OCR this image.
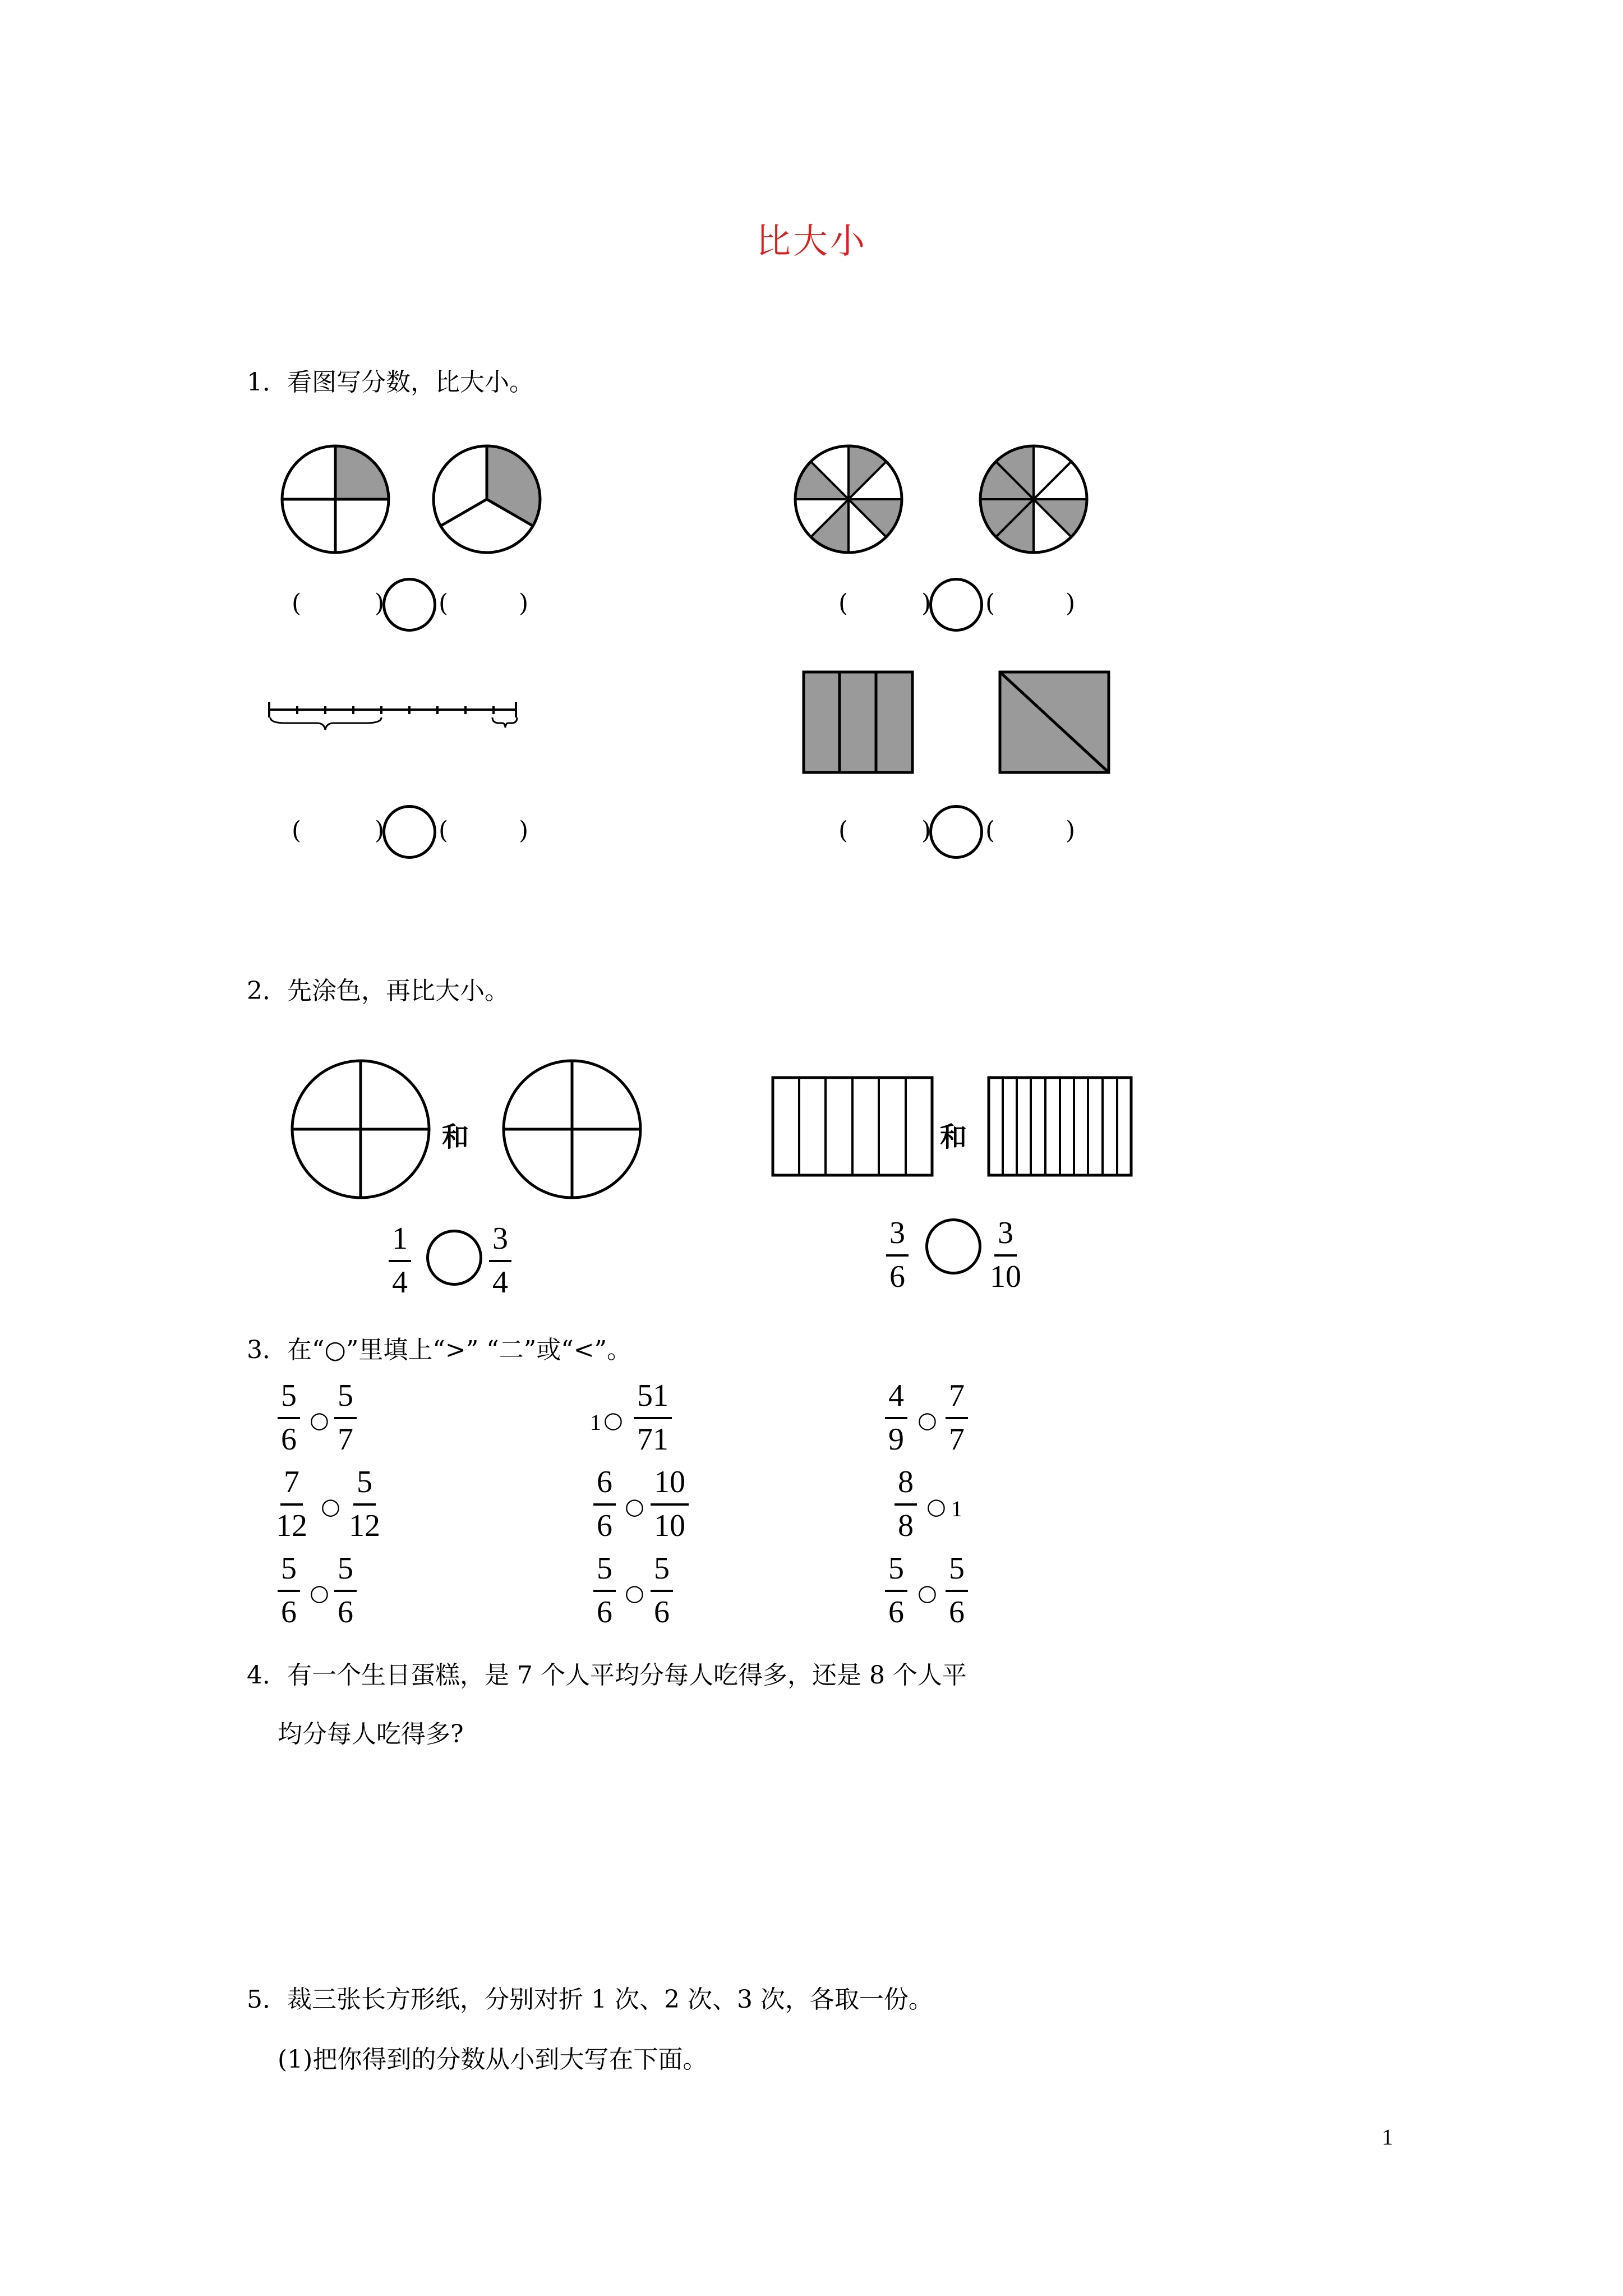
比大小
1．看图写分数，比大小。
(	) (	)	(	) (	)
(	) (	)	(	) (	)
2．先涂色，再比大小。
和
$\frac{1}{4} \frac{3}{4}$
和
$\frac{3}{6}$	$\frac{3}{10}$
3．在“○”里填上“>” “二”或“<”。
$\frac{5}{6}$ ○ $\frac{5}{7}$	1 ○ $\frac{51}{71}$	$\frac{4}{9}$ ○ $\frac{7}{7}$
$\frac{7}{12}$ ○ $\frac{5}{12}$	$\frac{6}{6}$ ○ $\frac{10}{10}$	$\frac{8}{8}$ ○ 1
$\frac{5}{6}$ ○ $\frac{5}{6}$	$\frac{5}{6}$ ○ $\frac{5}{6}$	$\frac{5}{6}$ ○ $\frac{5}{6}$
4．有一个生日蛋糕，是 7 个人平均分每人吃得多，还是 8 个人平
均分每人吃得多?
5．裁三张长方形纸，分别对折 1 次、2 次、3 次，各取一份。
(1)把你得到的分数从小到大写在下面。
1
